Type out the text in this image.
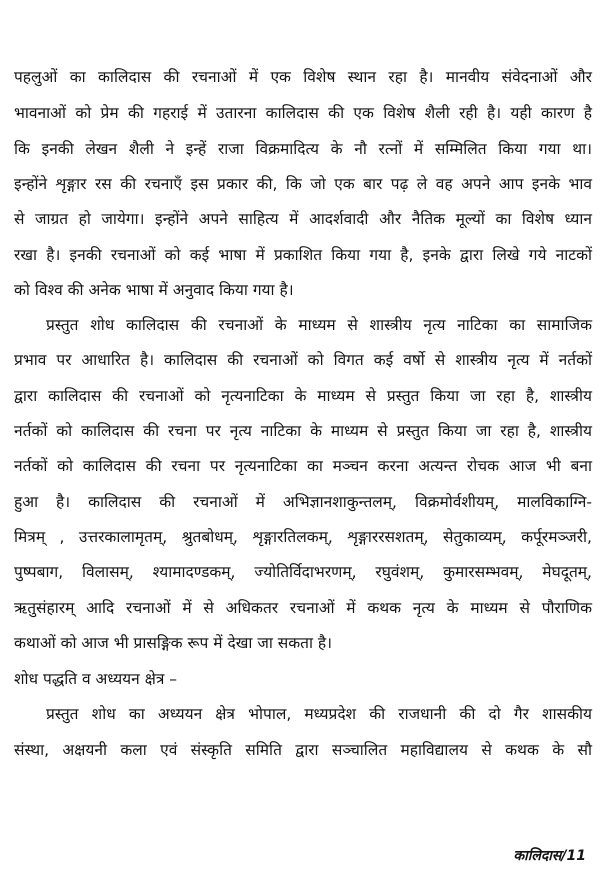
पहलुओं का कालिदास की रचनाओं में एक विशेष स्थान रहा है। मानवीय संवेदनाओं और
भावनाओं को प्रेम की गहराई में उतारना कालिदास की एक विशेष शैली रही है। यही कारण है
कि इनकी लेखन शैली ने इन्हें राजा विक्रमादित्य के नौ रत्नों में सम्मिलित किया गया था।
इन्होंने शृङ्गार रस की रचनाएँ इस प्रकार की, कि जो एक बार पढ़ ले वह अपने आप इनके भाव
से जाग्रत हो जायेगा। इन्होंने अपने साहित्य में आदर्शवादी और नैतिक मूल्यों का विशेष ध्यान
रखा है। इनकी रचनाओं को कई भाषा में प्रकाशित किया गया है, इनके द्वारा लिखे गये नाटकों
को विश्व की अनेक भाषा में अनुवाद किया गया है।
प्रस्तुत शोध कालिदास की रचनाओं के माध्यम से शास्त्रीय नृत्य नाटिका का सामाजिक
प्रभाव पर आधारित है। कालिदास की रचनाओं को विगत कई वर्षो से शास्त्रीय नृत्य में नर्तकों
द्वारा कालिदास की रचनाओं को नृत्यनाटिका के माध्यम से प्रस्तुत किया जा रहा है, शास्त्रीय
नर्तकों को कालिदास की रचना पर नृत्य नाटिका के माध्यम से प्रस्तुत किया जा रहा है, शास्त्रीय
नर्तकों को कालिदास की रचना पर नृत्यनाटिका का मञ्चन करना अत्यन्त रोचक आज भी बना
हुआ है। कालिदास की रचनाओं में अभिज्ञानशाकुन्तलम्, विक्रमोर्वशीयम्, मालविकाग्नि-
मित्रम् , उत्तरकालामृतम्, श्रुतबोधम्, शृङ्गारतिलकम्, शृङ्गाररसशतम्, सेतुकाव्यम्, कर्पूरमञ्जरी,
पुष्पबाग, विलासम्, श्यामादण्डकम्, ज्योतिर्विदाभरणम्, रघुवंशम्, कुमारसम्भवम्, मेघदूतम्,
ऋतुसंहारम् आदि रचनाओं में से अधिकतर रचनाओं में कथक नृत्य के माध्यम से पौराणिक
कथाओं को आज भी प्रासङ्गिक रूप में देखा जा सकता है।
शोध पद्धति व अध्ययन क्षेत्र –
प्रस्तुत शोध का अध्ययन क्षेत्र भोपाल, मध्यप्रदेश की राजधानी की दो गैर शासकीय
संस्था, अक्षयनी कला एवं संस्कृति समिति द्वारा सञ्चालित महाविद्यालय से कथक के सौ
कालिदास/11
